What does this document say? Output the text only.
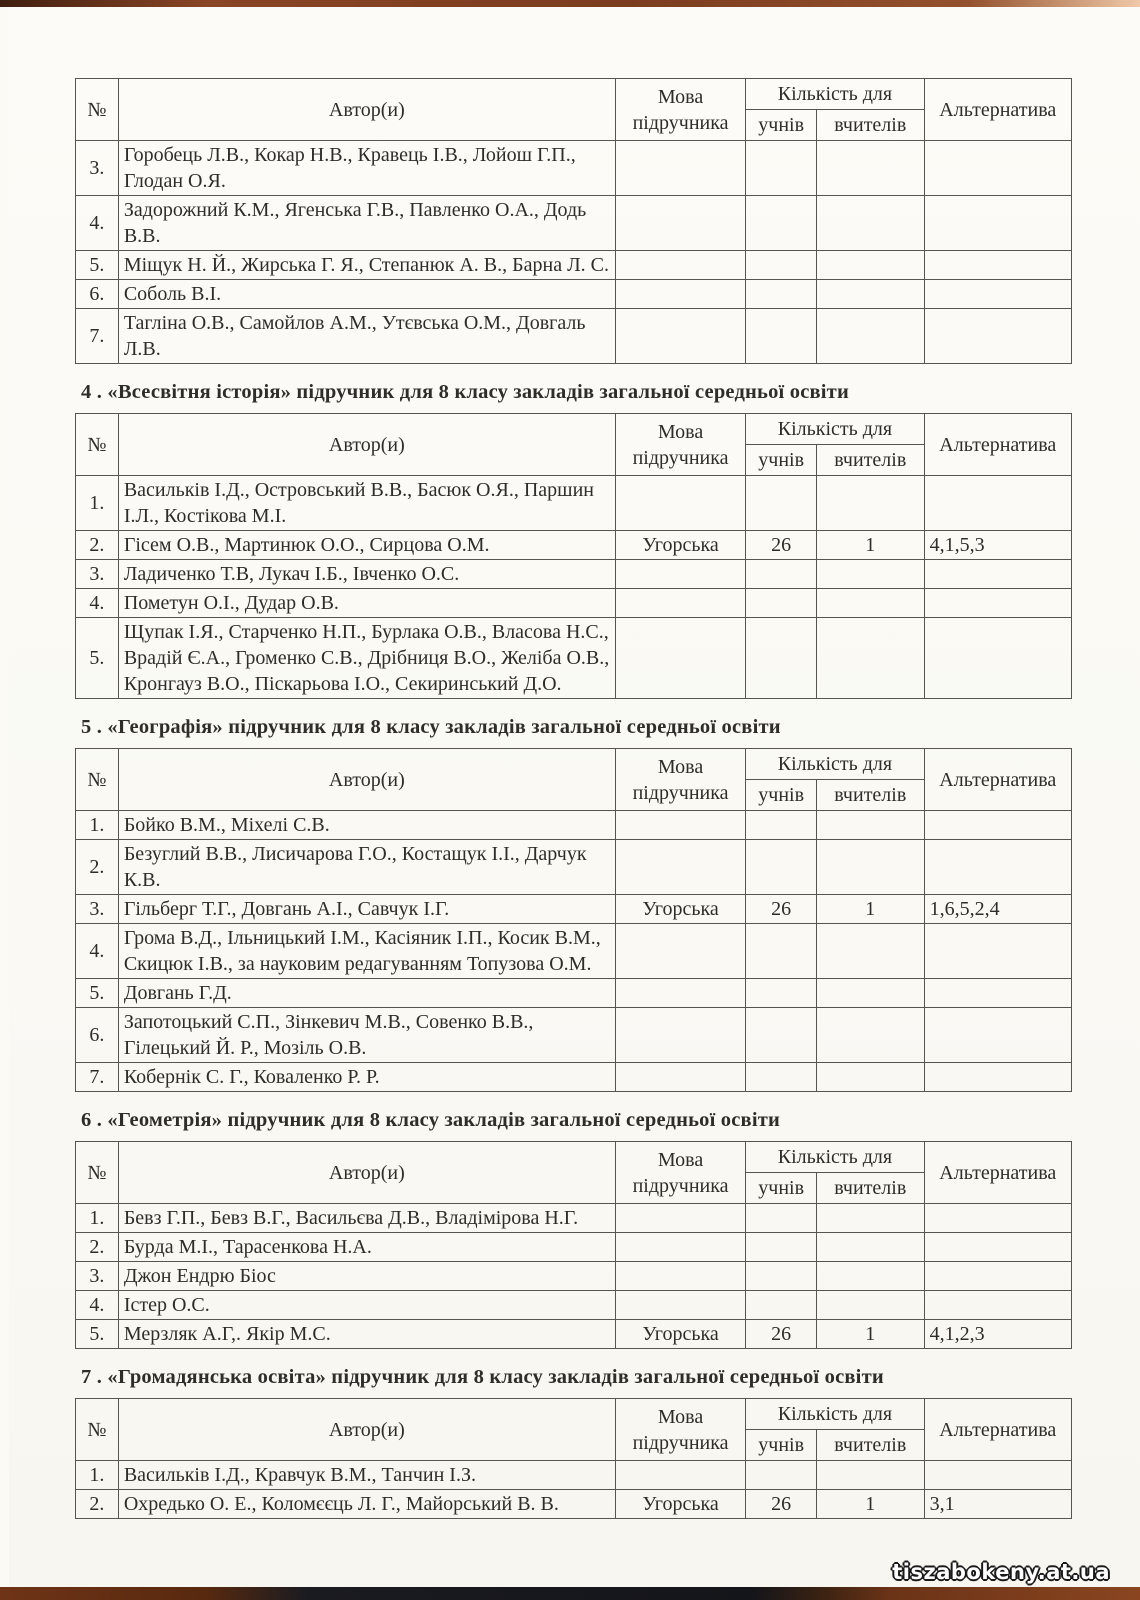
№	Автор(и)	Мова підручника	Кількість для		Альтернатива
			учнів	вчителів	
3.	Горобець Л.В., Кокар Н.В., Кравець І.В., Лойош Г.П., Глодан О.Я.				
4.	Задорожний К.М., Ягенська Г.В., Павленко О.А., Додь В.В.				
5.	Міщук Н. Й., Жирська Г. Я., Степанюк А. В., Барна Л. С.				
6.	Соболь В.І.				
7.	Тагліна О.В., Самойлов А.М., Утєвська О.М., Довгаль Л.В.				
4 . «Всесвітня історія» підручник для 8 класу закладів загальної середньої освіти
№	Автор(и)	Мова підручника	Кількість для		Альтернатива
			учнів	вчителів	
1.	Васильків І.Д., Островський В.В., Басюк О.Я., Паршин І.Л., Костікова М.І.				
2.	Гісем О.В., Мартинюк О.О., Сирцова О.М.	Угорська	26	1	4,1,5,3
3.	Ладиченко Т.В, Лукач І.Б., Івченко О.С.				
4.	Пометун О.І., Дудар О.В.				
5.	Щупак І.Я., Старченко Н.П., Бурлака О.В., Власова Н.С., Врадій Є.А., Громенко С.В., Дрібниця В.О., Желіба О.В., Кронгауз В.О., Піскарьова І.О., Секиринський Д.О.				
5 . «Географія» підручник для 8 класу закладів загальної середньої освіти
№	Автор(и)	Мова підручника	Кількість для		Альтернатива
			учнів	вчителів	
1.	Бойко В.М., Міхелі С.В.				
2.	Безуглий В.В., Лисичарова Г.О., Костащук І.І., Дарчук К.В.				
3.	Гільберг Т.Г., Довгань А.І., Савчук І.Г.	Угорська	26	1	1,6,5,2,4
4.	Грома В.Д., Ільницький І.М., Касіяник І.П., Косик В.М., Скицюк І.В., за науковим редагуванням Топузова О.М.				
5.	Довгань Г.Д.				
6.	Запотоцький С.П., Зінкевич М.В., Совенко В.В., Гілецький Й. Р., Мозіль О.В.				
7.	Кобернік С. Г., Коваленко Р. Р.				
6 . «Геометрія» підручник для 8 класу закладів загальної середньої освіти
№	Автор(и)	Мова підручника	Кількість для		Альтернатива
			учнів	вчителів	
1.	Бевз Г.П., Бевз В.Г., Васильєва Д.В., Владімірова Н.Г.				
2.	Бурда М.І., Тарасенкова Н.А.				
3.	Джон Ендрю Біос				
4.	Істер О.С.				
5.	Мерзляк А.Г,. Якір М.С.	Угорська	26	1	4,1,2,3
7 . «Громадянська освіта» підручник для 8 класу закладів загальної середньої освіти
№	Автор(и)	Мова підручника	Кількість для		Альтернатива
			учнів	вчителів	
1.	Васильків І.Д., Кравчук В.М., Танчин І.З.				
2.	Охредько О. Е., Коломєєць Л. Г., Майорський В. В.	Угорська	26	1	3,1
tiszabokeny.at.ua
